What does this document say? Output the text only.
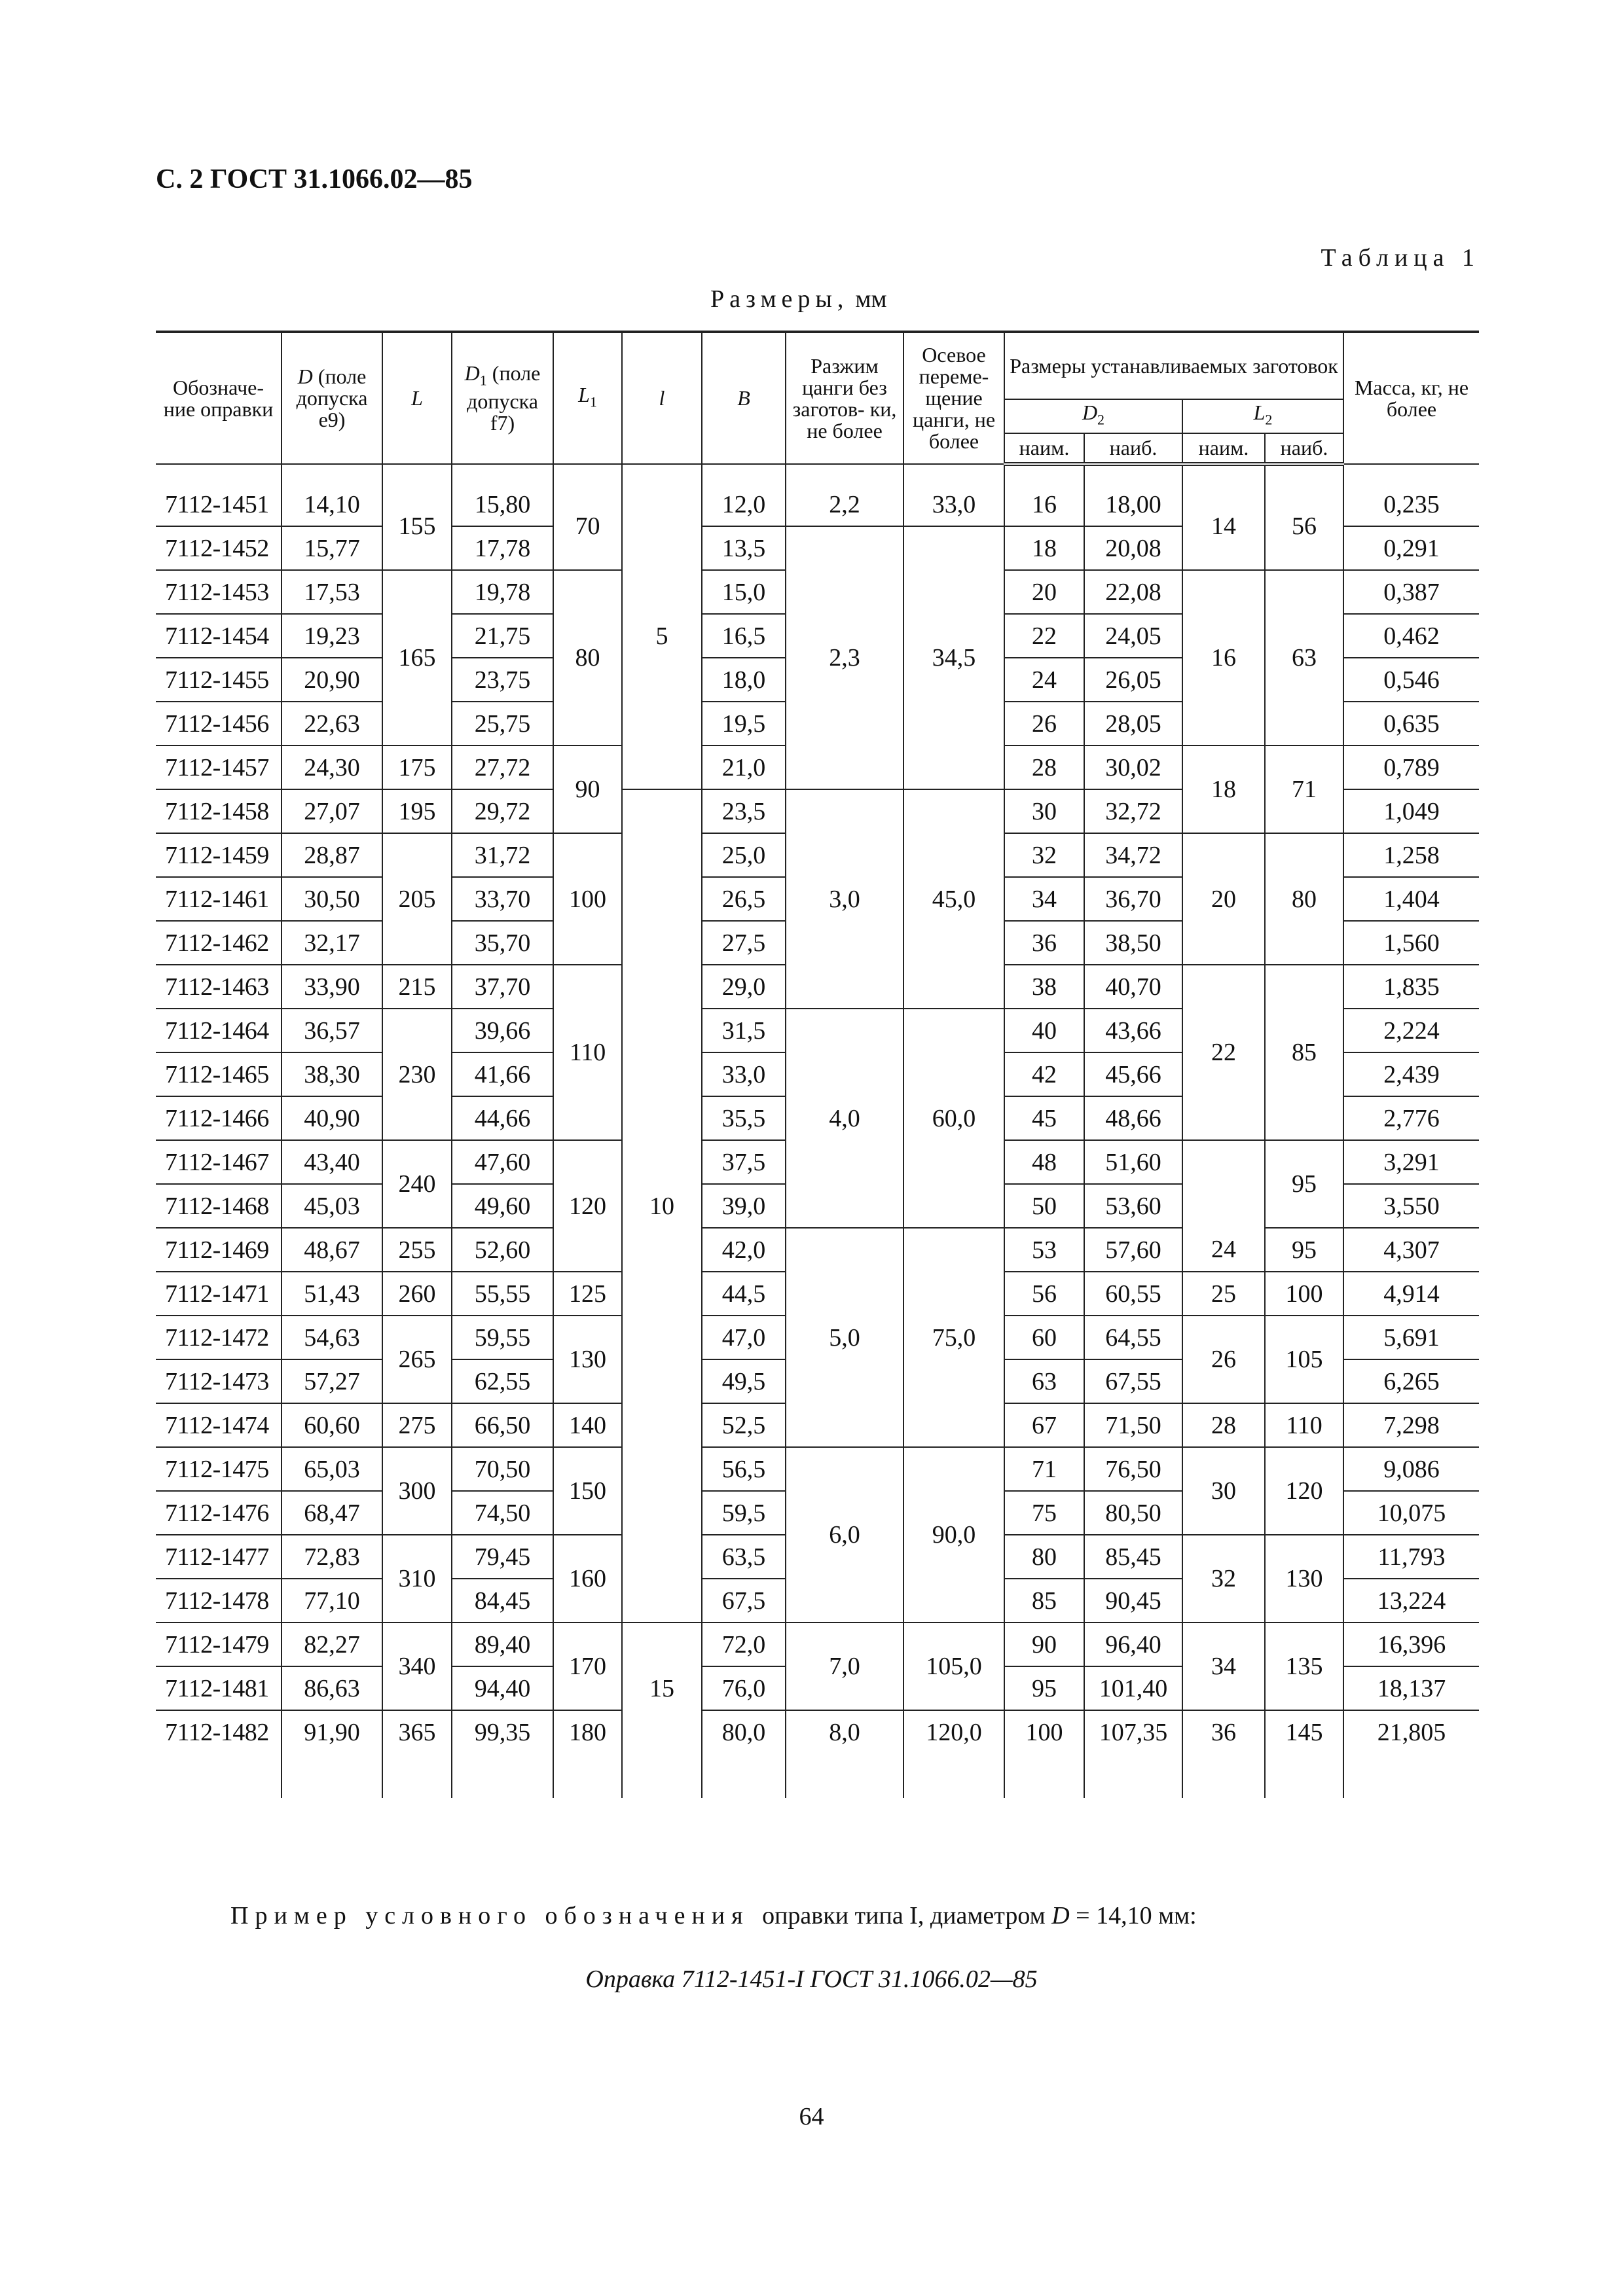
С. 2 ГОСТ 31.1066.02—85
Таблица 1
Размеры, мм
Обозначе- ние оправки	D (поле допуска е9)	L	$D_1$ (поле допуска f7)	$L_1$	l	B	Разжим цанги без заготов- ки, не более	Осевое переме- щение цанги, не более	Размеры устанавливаемых заготовок				Масса, кг, не более
									$D_2$		$L_2$
									наим.	наиб.	наим.	наиб.	

7112-1451	14,10	155	15,80	70	5	12,0	2,2	33,0	16	18,00	14	56	0,235
7112-1452	15,77		17,78			13,5	2,3	34,5	18	20,08			0,291
7112-1453	17,53	165	19,78	80		15,0			20	22,08	16	63	0,387
7112-1454	19,23		21,75			16,5			22	24,05			0,462
7112-1455	20,90		23,75			18,0			24	26,05			0,546
7112-1456	22,63		25,75			19,5			26	28,05			0,635
7112-1457	24,30	175	27,72	90		21,0			28	30,02	18	71	0,789
7112-1458	27,07	195	29,72		10	23,5	3,0	45,0	30	32,72			1,049
7112-1459	28,87	205	31,72	100		25,0			32	34,72	20	80	1,258
7112-1461	30,50		33,70			26,5			34	36,70			1,404
7112-1462	32,17		35,70			27,5			36	38,50			1,560
7112-1463	33,90	215	37,70	110		29,0			38	40,70	22	85	1,835
7112-1464	36,57	230	39,66			31,5	4,0	60,0	40	43,66			2,224
7112-1465	38,30		41,66			33,0			42	45,66			2,439
7112-1466	40,90		44,66			35,5			45	48,66			2,776
7112-1467	43,40	240	47,60	120		37,5			48	51,60	24	95	3,291
7112-1468	45,03		49,60			39,0			50	53,60			3,550
7112-1469	48,67	255	52,60			42,0	5,0	75,0	53	57,60		95	4,307
7112-1471	51,43	260	55,55	125		44,5			56	60,55	25	100	4,914
7112-1472	54,63	265	59,55	130		47,0			60	64,55	26	105	5,691
7112-1473	57,27		62,55			49,5			63	67,55			6,265
7112-1474	60,60	275	66,50	140		52,5			67	71,50	28	110	7,298
7112-1475	65,03	300	70,50	150		56,5	6,0	90,0	71	76,50	30	120	9,086
7112-1476	68,47		74,50			59,5			75	80,50			10,075
7112-1477	72,83	310	79,45	160		63,5			80	85,45	32	130	11,793
7112-1478	77,10		84,45			67,5			85	90,45			13,224
7112-1479	82,27	340	89,40	170	15	72,0	7,0	105,0	90	96,40	34	135	16,396
7112-1481	86,63		94,40			76,0			95	101,40			18,137
7112-1482	91,90	365	99,35	180		80,0	8,0	120,0	100	107,35	36	145	21,805

Пример условного обозначения оправки типа I, диаметром D = 14,10 мм:
Оправка 7112-1451-I ГОСТ 31.1066.02—85
64
